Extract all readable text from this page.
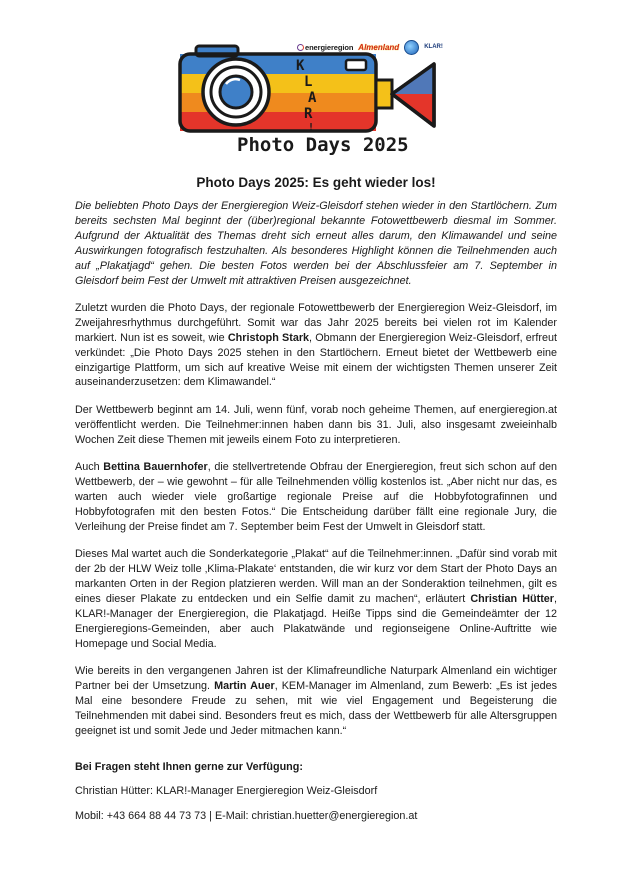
energieregion Almenland	KLAR!
K
L
A
R
!
Photo Days 2025
Photo Days 2025: Es geht wieder los!

Die beliebten Photo Days der Energieregion Weiz-Gleisdorf stehen wieder in den Startlöchern. Zum bereits sechsten Mal beginnt der (über)regional bekannte Fotowettbewerb diesmal im Sommer. Aufgrund der Aktualität des Themas dreht sich erneut alles darum, den Klimawandel und seine Auswirkungen fotografisch festzuhalten. Als besonderes Highlight können die Teilnehmenden auch auf „Plakatjagd“ gehen. Die besten Fotos werden bei der Abschlussfeier am 7. September in Gleisdorf beim Fest der Umwelt mit attraktiven Preisen ausgezeichnet.

Zuletzt wurden die Photo Days, der regionale Fotowettbewerb der Energieregion Weiz-Gleisdorf, im Zweijahresrhythmus durchgeführt. Somit war das Jahr 2025 bereits bei vielen rot im Kalender markiert. Nun ist es soweit, wie Christoph Stark, Obmann der Energieregion Weiz-Gleisdorf, erfreut verkündet: „Die Photo Days 2025 stehen in den Startlöchern. Erneut bietet der Wettbewerb eine einzigartige Plattform, um sich auf kreative Weise mit einem der wichtigsten Themen unserer Zeit auseinanderzusetzen: dem Klimawandel.“

Der Wettbewerb beginnt am 14. Juli, wenn fünf, vorab noch geheime Themen, auf energieregion.at veröffentlicht werden. Die Teilnehmer:innen haben dann bis 31. Juli, also insgesamt zweieinhalb Wochen Zeit diese Themen mit jeweils einem Foto zu interpretieren.

Auch Bettina Bauernhofer, die stellvertretende Obfrau der Energieregion, freut sich schon auf den Wettbewerb, der – wie gewohnt – für alle Teilnehmenden völlig kostenlos ist. „Aber nicht nur das, es warten auch wieder viele großartige regionale Preise auf die Hobbyfotografinnen und Hobbyfotografen mit den besten Fotos.“ Die Entscheidung darüber fällt eine regionale Jury, die Verleihung der Preise findet am 7. September beim Fest der Umwelt in Gleisdorf statt.

Dieses Mal wartet auch die Sonderkategorie „Plakat“ auf die Teilnehmer:innen. „Dafür sind vorab mit der 2b der HLW Weiz tolle ‚Klima-Plakate‘ entstanden, die wir kurz vor dem Start der Photo Days an markanten Orten in der Region platzieren werden. Will man an der Sonderaktion teilnehmen, gilt es eines dieser Plakate zu entdecken und ein Selfie damit zu machen“, erläutert Christian Hütter, KLAR!-Manager der Energieregion, die Plakatjagd. Heiße Tipps sind die Gemeindeämter der 12 Energieregions-Gemeinden, aber auch Plakatwände und regionseigene Online-Auftritte wie Homepage und Social Media.

Wie bereits in den vergangenen Jahren ist der Klimafreundliche Naturpark Almenland ein wichtiger Partner bei der Umsetzung. Martin Auer, KEM-Manager im Almenland, zum Bewerb: „Es ist jedes Mal eine besondere Freude zu sehen, mit wie viel Engagement und Begeisterung die Teilnehmenden mit dabei sind. Besonders freut es mich, dass der Wettbewerb für alle Altersgruppen geeignet ist und somit Jede und Jeder mitmachen kann.“

Bei Fragen steht Ihnen gerne zur Verfügung:

Christian Hütter: KLAR!-Manager Energieregion Weiz-Gleisdorf

Mobil: +43 664 88 44 73 73 | E-Mail: christian.huetter@energieregion.at
